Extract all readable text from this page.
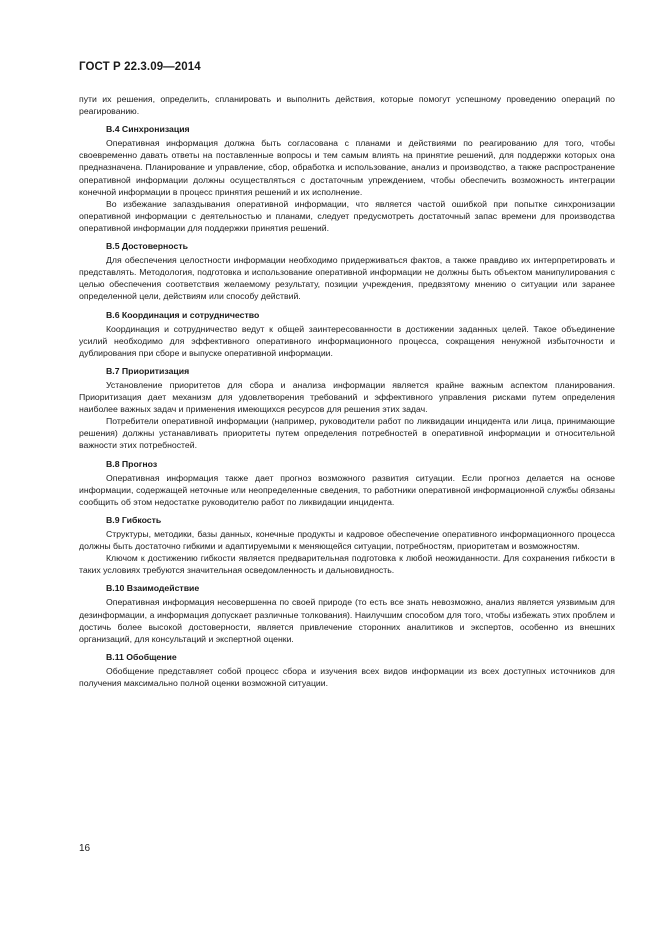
ГОСТ Р 22.3.09—2014

пути их решения, определить, спланировать и выполнить действия, которые помогут успешному проведению операций по реагированию.

В.4 Синхронизация

Оперативная информация должна быть согласована с планами и действиями по реагированию для того, чтобы своевременно давать ответы на поставленные вопросы и тем самым влиять на принятие решений, для поддержки которых она предназначена. Планирование и управление, сбор, обработка и использование, анализ и производство, а также распространение оперативной информации должны осуществляться с достаточным упреждением, чтобы обеспечить возможность интеграции конечной информации в процесс принятия решений и их исполнение.

Во избежание запаздывания оперативной информации, что является частой ошибкой при попытке синхронизации оперативной информации с деятельностью и планами, следует предусмотреть достаточный запас времени для производства оперативной информации для поддержки принятия решений.

В.5 Достоверность

Для обеспечения целостности информации необходимо придерживаться фактов, а также правдиво их интерпретировать и представлять. Методология, подготовка и использование оперативной информации не должны быть объектом манипулирования с целью обеспечения соответствия желаемому результату, позиции учреждения, предвзятому мнению о ситуации или заранее определенной цели, действиям или способу действий.

В.6 Координация и сотрудничество

Координация и сотрудничество ведут к общей заинтересованности в достижении заданных целей. Такое объединение усилий необходимо для эффективного оперативного информационного процесса, сокращения ненужной избыточности и дублирования при сборе и выпуске оперативной информации.

В.7 Приоритизация

Установление приоритетов для сбора и анализа информации является крайне важным аспектом планирования. Приоритизация дает механизм для удовлетворения требований и эффективного управления рисками путем определения наиболее важных задач и применения имеющихся ресурсов для решения этих задач.

Потребители оперативной информации (например, руководители работ по ликвидации инцидента или лица, принимающие решения) должны устанавливать приоритеты путем определения потребностей в оперативной информации и относительной важности этих потребностей.

В.8 Прогноз

Оперативная информация также дает прогноз возможного развития ситуации. Если прогноз делается на основе информации, содержащей неточные или неопределенные сведения, то работники оперативной информационной службы обязаны сообщить об этом недостатке руководителю работ по ликвидации инцидента.

В.9 Гибкость

Структуры, методики, базы данных, конечные продукты и кадровое обеспечение оперативного информационного процесса должны быть достаточно гибкими и адаптируемыми к меняющейся ситуации, потребностям, приоритетам и возможностям.

Ключом к достижению гибкости является предварительная подготовка к любой неожиданности. Для сохранения гибкости в таких условиях требуются значительная осведомленность и дальновидность.

В.10 Взаимодействие

Оперативная информация несовершенна по своей природе (то есть все знать невозможно, анализ является уязвимым для дезинформации, а информация допускает различные толкования). Наилучшим способом для того, чтобы избежать этих проблем и достичь более высокой достоверности, является привлечение сторонних аналитиков и экспертов, особенно из внешних организаций, для консультаций и экспертной оценки.

В.11 Обобщение

Обобщение представляет собой процесс сбора и изучения всех видов информации из всех доступных источников для получения максимально полной оценки возможной ситуации.

16
